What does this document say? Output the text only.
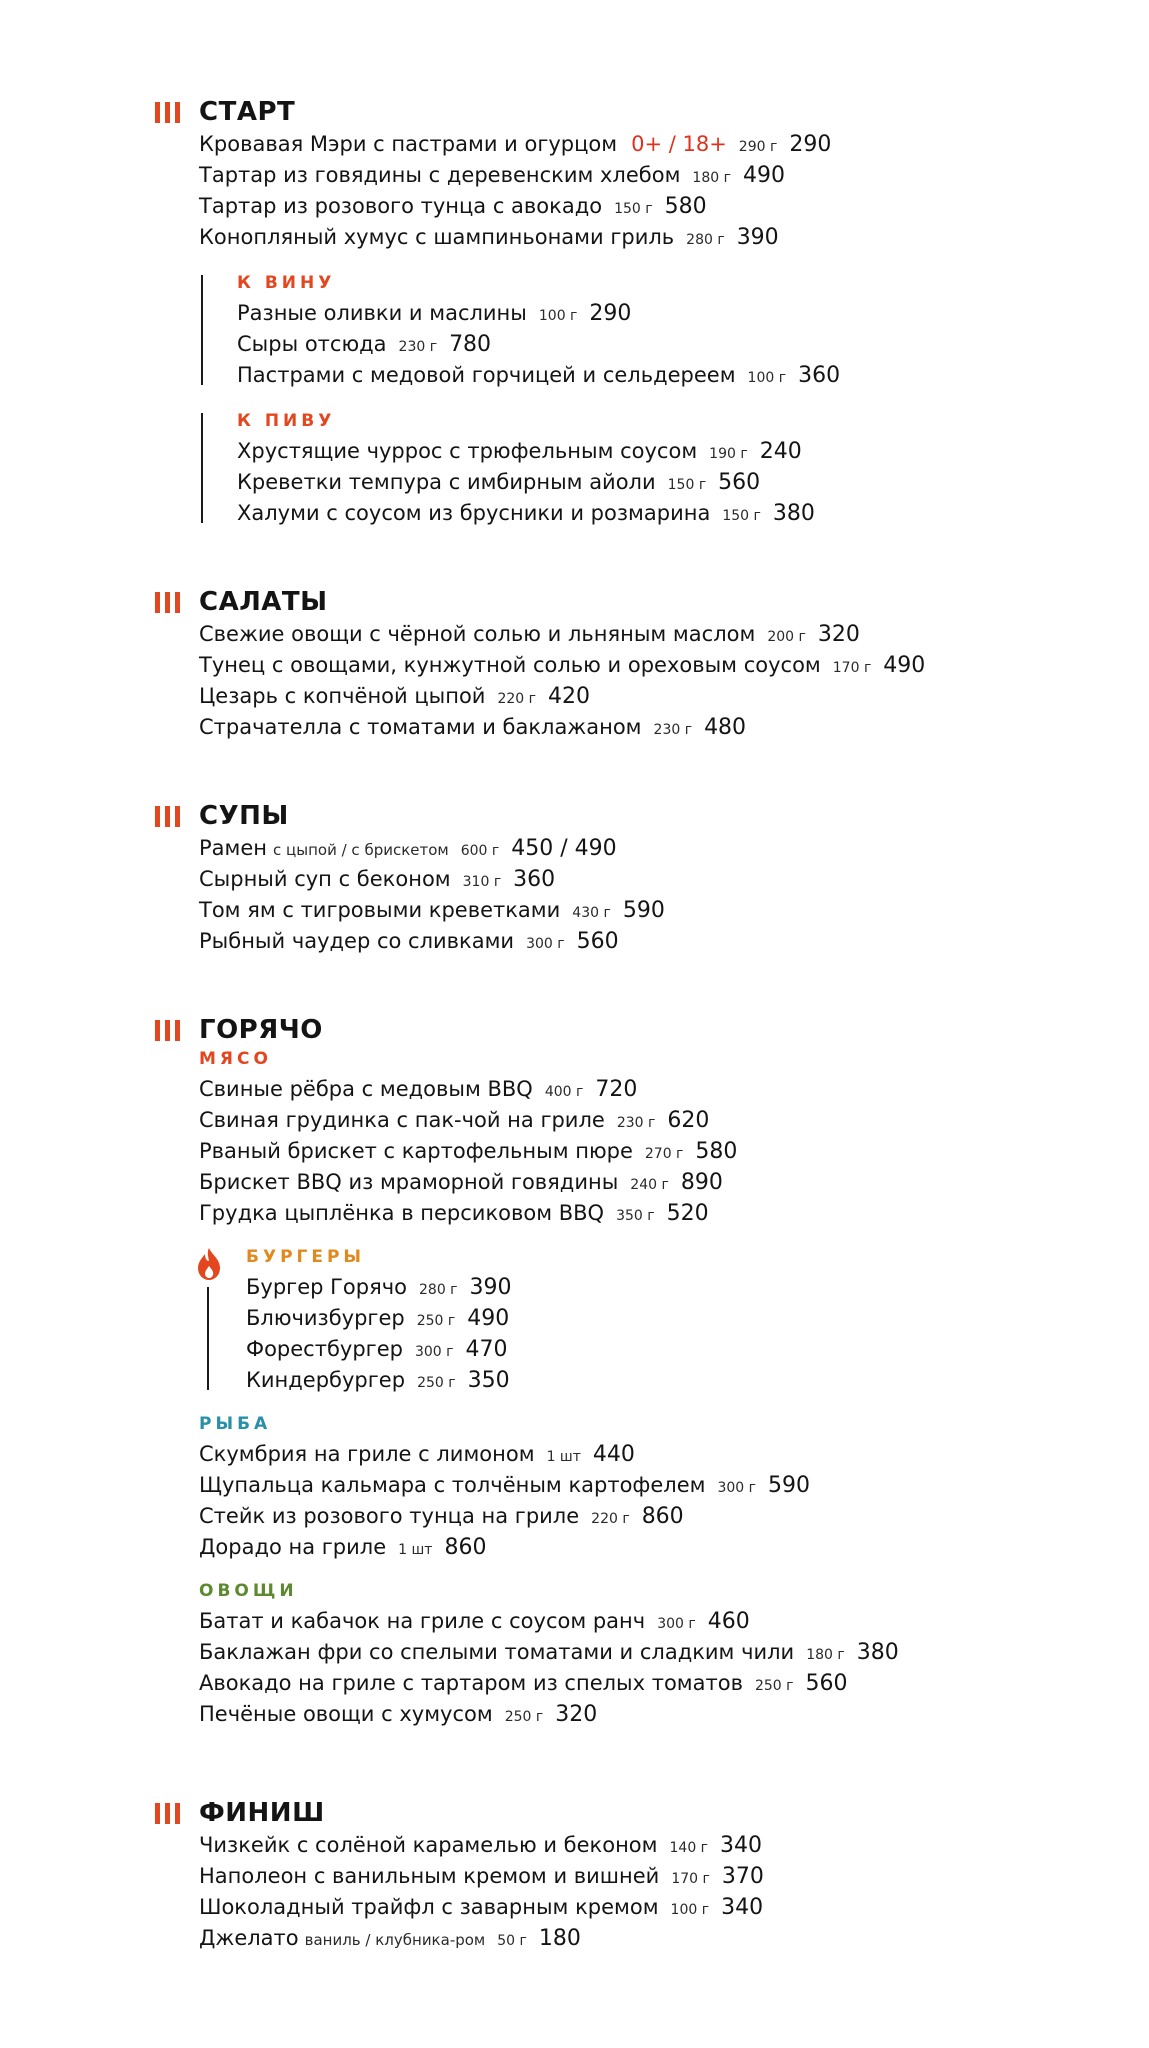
СТАРТ
Кровавая Мэри с пастрами и огурцом 0+ / 18+ 290 г 290
Тартар из говядины с деревенским хлебом 180 г 490
Тартар из розового тунца с авокадо 150 г 580
Конопляный хумус с шампиньонами гриль 280 г 390
К ВИНУ
Разные оливки и маслины 100 г 290
Сыры отсюда 230 г 780
Пастрами с медовой горчицей и сельдереем 100 г 360
К ПИВУ
Хрустящие чуррос с трюфельным соусом 190 г 240
Креветки темпура с имбирным айоли 150 г 560
Халуми с соусом из брусники и розмарина 150 г 380
САЛАТЫ
Свежие овощи с чёрной солью и льняным маслом 200 г 320
Тунец с овощами, кунжутной солью и ореховым соусом 170 г 490
Цезарь с копчёной цыпой 220 г 420
Страчателла с томатами и баклажаном 230 г 480
СУПЫ
Рамен с цыпой / с брискетом 600 г 450 / 490
Сырный суп с беконом 310 г 360
Том ям с тигровыми креветками 430 г 590
Рыбный чаудер со сливками 300 г 560
ГОРЯЧО
МЯСО
Свиные рёбра с медовым BBQ 400 г 720
Свиная грудинка с пак-чой на гриле 230 г 620
Рваный брискет с картофельным пюре 270 г 580
Брискет BBQ из мраморной говядины 240 г 890
Грудка цыплёнка в персиковом BBQ 350 г 520
БУРГЕРЫ
Бургер Горячо 280 г 390
Блючизбургер 250 г 490
Форестбургер 300 г 470
Киндербургер 250 г 350
РЫБА
Скумбрия на гриле с лимоном 1 шт 440
Щупальца кальмара с толчёным картофелем 300 г 590
Стейк из розового тунца на гриле 220 г 860
Дорадо на гриле 1 шт 860
ОВОЩИ
Батат и кабачок на гриле с соусом ранч 300 г 460
Баклажан фри со спелыми томатами и сладким чили 180 г 380
Авокадо на гриле с тартаром из спелых томатов 250 г 560
Печёные овощи с хумусом 250 г 320
ФИНИШ
Чизкейк с солёной карамелью и беконом 140 г 340
Наполеон с ванильным кремом и вишней 170 г 370
Шоколадный трайфл с заварным кремом 100 г 340
Джелато ваниль / клубника-ром 50 г 180
